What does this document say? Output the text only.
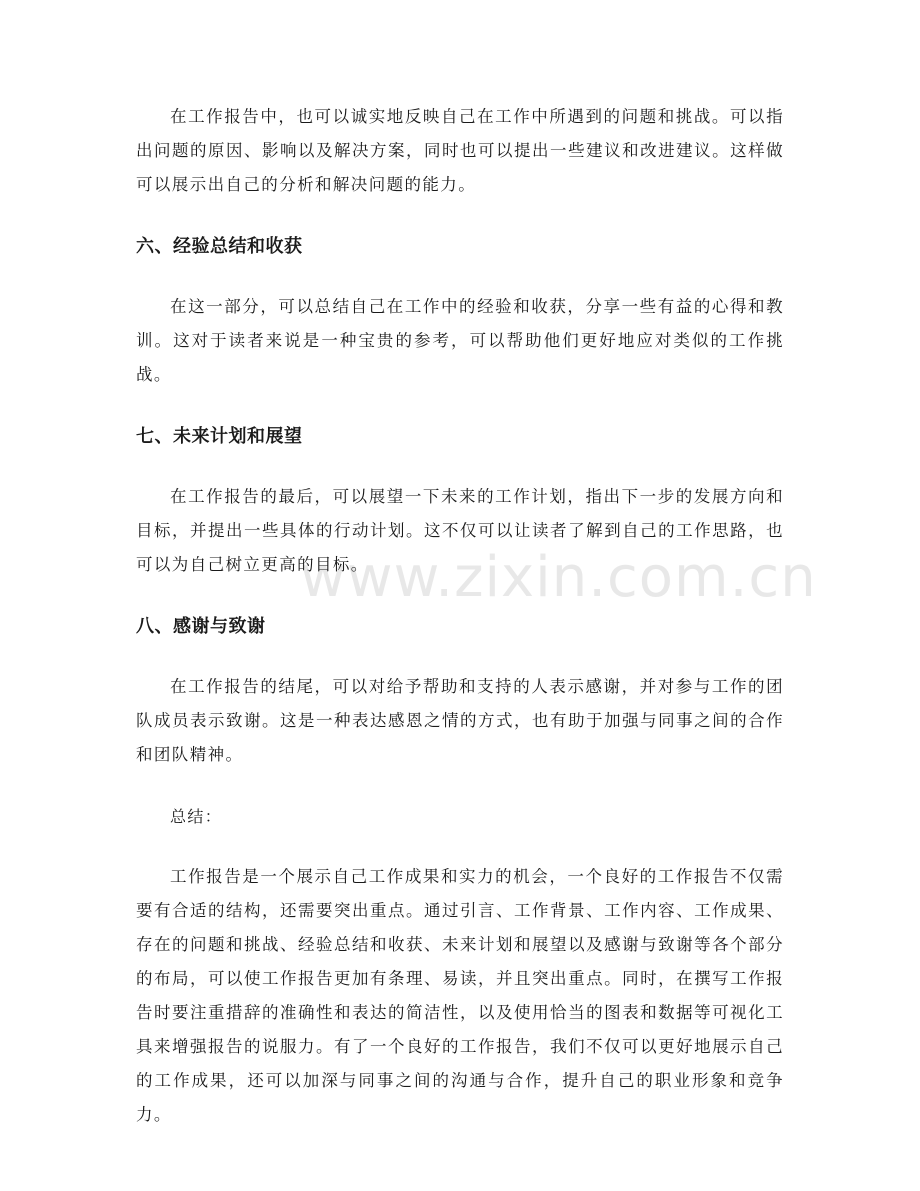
www.zixin.com.cn

在工作报告中，也可以诚实地反映自己在工作中所遇到的问题和挑战。可以指出问题的原因、影响以及解决方案，同时也可以提出一些建议和改进建议。这样做可以展示出自己的分析和解决问题的能力。

六、经验总结和收获

在这一部分，可以总结自己在工作中的经验和收获，分享一些有益的心得和教训。这对于读者来说是一种宝贵的参考，可以帮助他们更好地应对类似的工作挑战。

七、未来计划和展望

在工作报告的最后，可以展望一下未来的工作计划，指出下一步的发展方向和目标，并提出一些具体的行动计划。这不仅可以让读者了解到自己的工作思路，也可以为自己树立更高的目标。

八、感谢与致谢

在工作报告的结尾，可以对给予帮助和支持的人表示感谢，并对参与工作的团队成员表示致谢。这是一种表达感恩之情的方式，也有助于加强与同事之间的合作和团队精神。

总结：

工作报告是一个展示自己工作成果和实力的机会，一个良好的工作报告不仅需要有合适的结构，还需要突出重点。通过引言、工作背景、工作内容、工作成果、存在的问题和挑战、经验总结和收获、未来计划和展望以及感谢与致谢等各个部分的布局，可以使工作报告更加有条理、易读，并且突出重点。同时，在撰写工作报告时要注重措辞的准确性和表达的简洁性，以及使用恰当的图表和数据等可视化工具来增强报告的说服力。有了一个良好的工作报告，我们不仅可以更好地展示自己的工作成果，还可以加深与同事之间的沟通与合作，提升自己的职业形象和竞争力。
